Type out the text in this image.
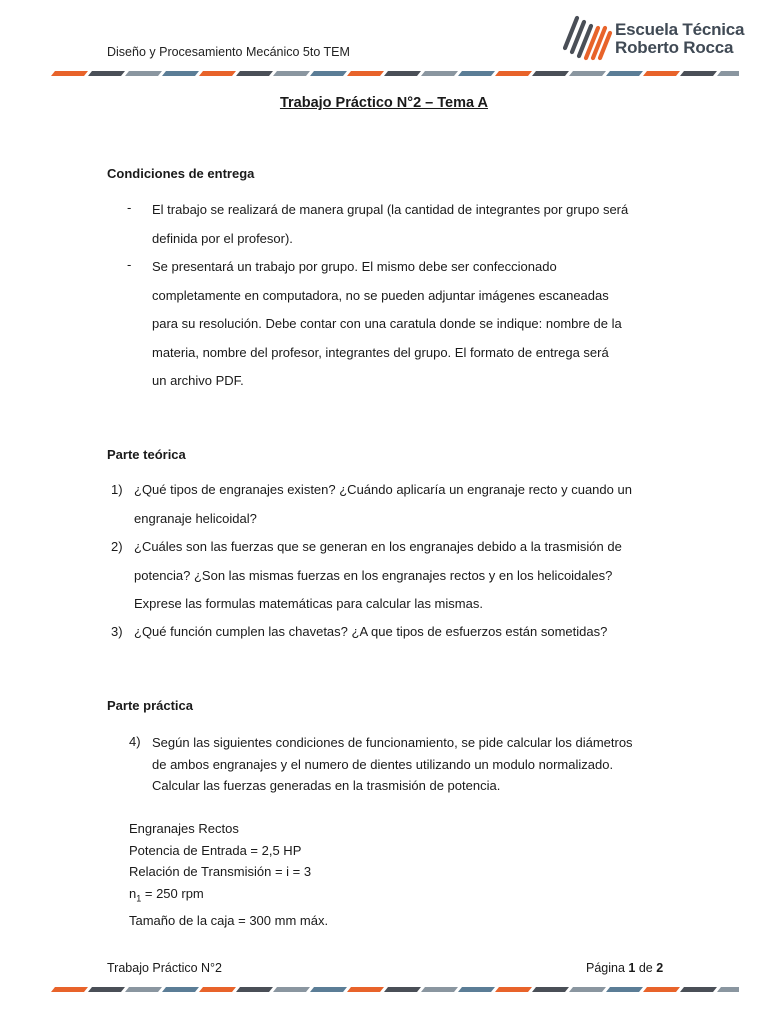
Diseño y Procesamiento Mecánico 5to TEM
Escuela Técnica
Roberto Rocca
Trabajo Práctico N°2 – Tema A
Condiciones de entrega
- El trabajo se realizará de manera grupal (la cantidad de integrantes por grupo será
definida por el profesor).
- Se presentará un trabajo por grupo. El mismo debe ser confeccionado
completamente en computadora, no se pueden adjuntar imágenes escaneadas
para su resolución. Debe contar con una caratula donde se indique: nombre de la
materia, nombre del profesor, integrantes del grupo. El formato de entrega será
un archivo PDF.
Parte teórica
1) ¿Qué tipos de engranajes existen? ¿Cuándo aplicaría un engranaje recto y cuando un
engranaje helicoidal?
2) ¿Cuáles son las fuerzas que se generan en los engranajes debido a la trasmisión de
potencia? ¿Son las mismas fuerzas en los engranajes rectos y en los helicoidales?
Exprese las formulas matemáticas para calcular las mismas.
3) ¿Qué función cumplen las chavetas? ¿A que tipos de esfuerzos están sometidas?
Parte práctica
4) Según las siguientes condiciones de funcionamiento, se pide calcular los diámetros
de ambos engranajes y el numero de dientes utilizando un modulo normalizado.
Calcular las fuerzas generadas en la trasmisión de potencia.
Engranajes Rectos
Potencia de Entrada = 2,5 HP
Relación de Transmisión = i = 3
$n_1 = 250$ rpm
Tamaño de la caja = 300 mm máx.
Trabajo Práctico N°2	Página 1 de 2
